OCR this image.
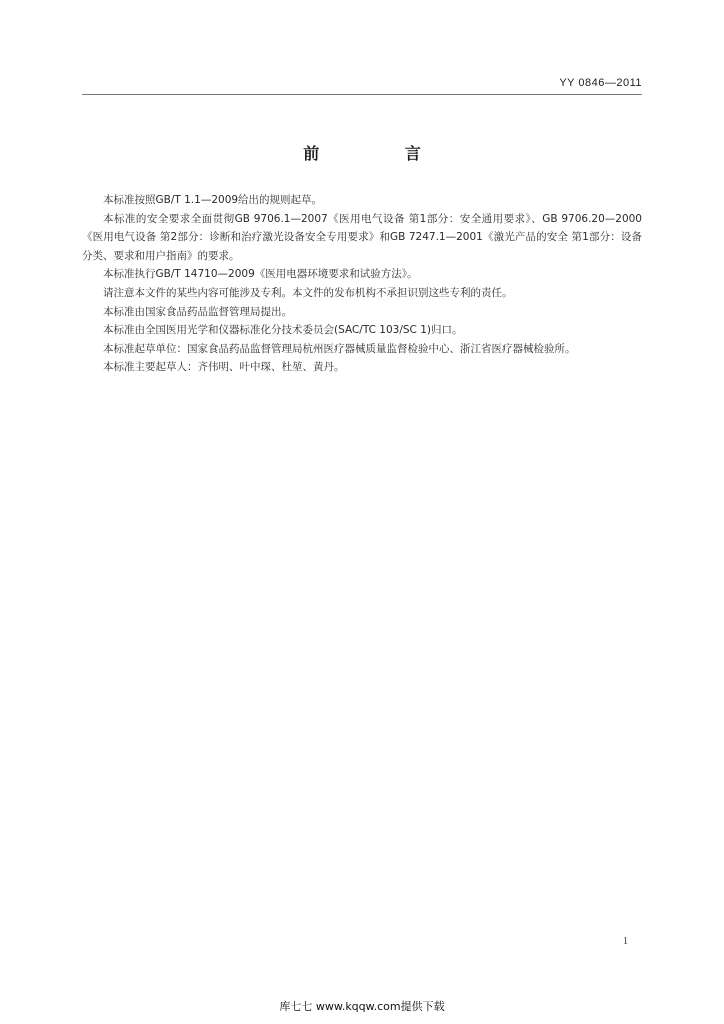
YY 0846—2011
前 言

本标准按照GB/T 1.1—2009给出的规则起草。

本标准的安全要求全面贯彻GB 9706.1—2007《医用电气设备 第1部分：安全通用要求》、GB 9706.20—2000《医用电气设备 第2部分：诊断和治疗激光设备安全专用要求》和GB 7247.1—2001《激光产品的安全 第1部分：设备分类、要求和用户指南》的要求。

本标准执行GB/T 14710—2009《医用电器环境要求和试验方法》。

请注意本文件的某些内容可能涉及专利。本文件的发布机构不承担识别这些专利的责任。

本标准由国家食品药品监督管理局提出。

本标准由全国医用光学和仪器标准化分技术委员会(SAC/TC 103/SC 1)归口。

本标准起草单位：国家食品药品监督管理局杭州医疗器械质量监督检验中心、浙江省医疗器械检验所。

本标准主要起草人：齐伟明、叶中琛、杜堃、黄丹。

1
库七七 www.kqqw.com提供下载
